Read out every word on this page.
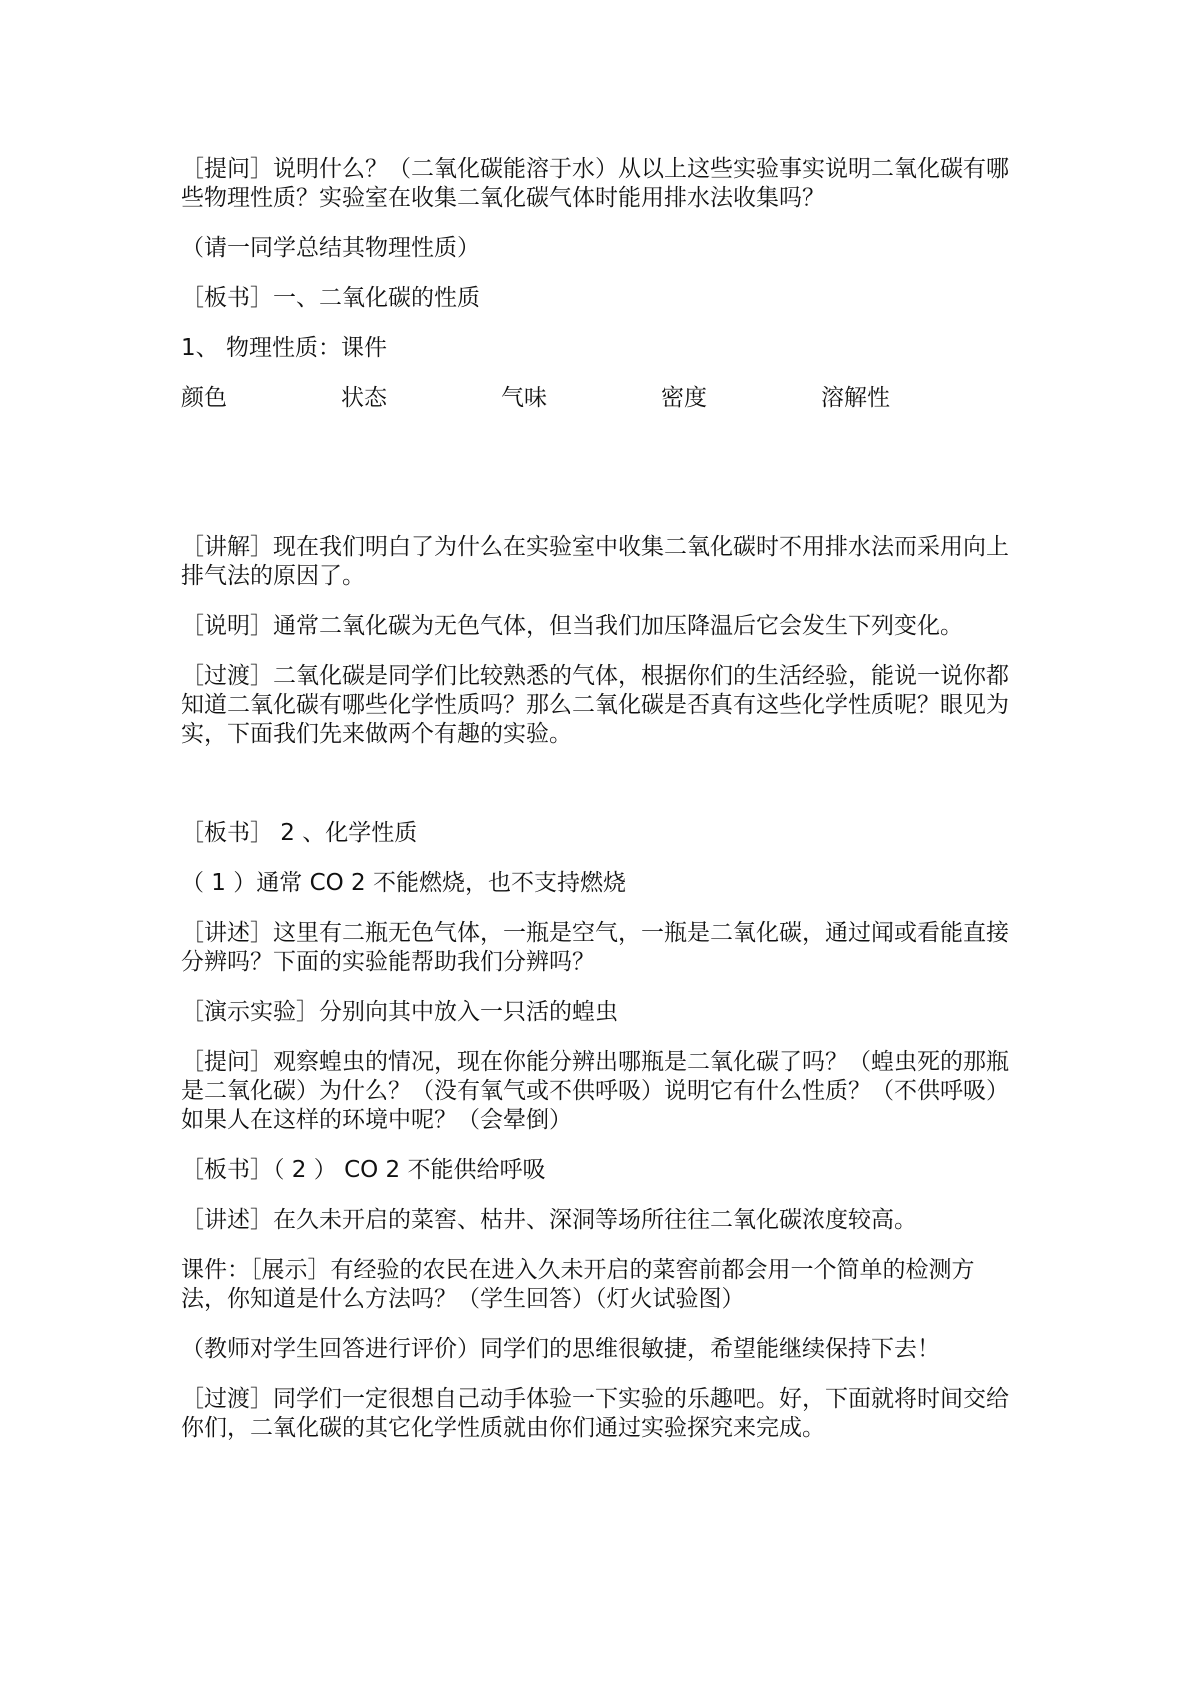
［提问］说明什么？（二氧化碳能溶于水）从以上这些实验事实说明二氧化碳有哪些物理性质？实验室在收集二氧化碳气体时能用排水法收集吗？

（请一同学总结其物理性质）

［板书］一、二氧化碳的性质

1、 物理性质：课件

颜色	状态	气味	密度	溶解性

［讲解］现在我们明白了为什么在实验室中收集二氧化碳时不用排水法而采用向上排气法的原因了。

［说明］通常二氧化碳为无色气体，但当我们加压降温后它会发生下列变化。

［过渡］二氧化碳是同学们比较熟悉的气体，根据你们的生活经验，能说一说你都知道二氧化碳有哪些化学性质吗？那么二氧化碳是否真有这些化学性质呢？眼见为实，下面我们先来做两个有趣的实验。

［板书］ 2 、化学性质

（ 1 ）通常 CO 2 不能燃烧，也不支持燃烧

［讲述］这里有二瓶无色气体，一瓶是空气，一瓶是二氧化碳，通过闻或看能直接分辨吗？下面的实验能帮助我们分辨吗？

［演示实验］分别向其中放入一只活的蝗虫

［提问］观察蝗虫的情况，现在你能分辨出哪瓶是二氧化碳了吗？（蝗虫死的那瓶是二氧化碳）为什么？（没有氧气或不供呼吸）说明它有什么性质？（不供呼吸）如果人在这样的环境中呢？（会晕倒）

［板书］（ 2 ） CO 2 不能供给呼吸

［讲述］在久未开启的菜窖、枯井、深洞等场所往往二氧化碳浓度较高。

课件：［展示］有经验的农民在进入久未开启的菜窖前都会用一个简单的检测方法，你知道是什么方法吗？（学生回答）（灯火试验图）

（教师对学生回答进行评价）同学们的思维很敏捷，希望能继续保持下去！

［过渡］同学们一定很想自己动手体验一下实验的乐趣吧。好，下面就将时间交给你们，二氧化碳的其它化学性质就由你们通过实验探究来完成。
